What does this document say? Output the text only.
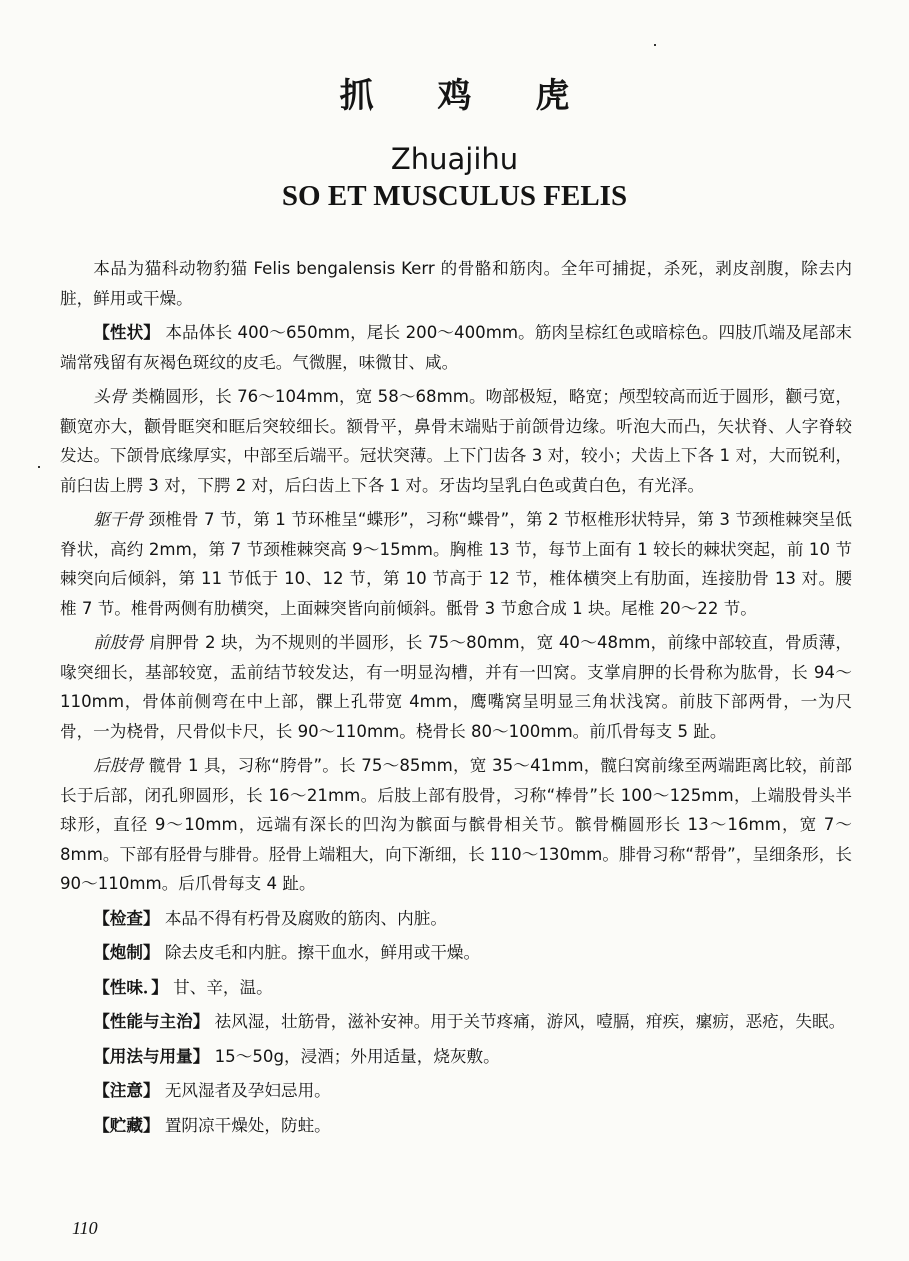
抓 鸡 虎
Zhuajihu
SO ET MUSCULUS FELIS

本品为猫科动物豹猫 Felis bengalensis Kerr 的骨骼和筋肉。全年可捕捉，杀死，剥皮剖腹，除去内脏，鲜用或干燥。

【性状】 本品体长 400～650mm，尾长 200～400mm。筋肉呈棕红色或暗棕色。四肢爪端及尾部末端常残留有灰褐色斑纹的皮毛。气微腥，味微甘、咸。

头骨 类椭圆形，长 76～104mm，宽 58～68mm。吻部极短，略宽；颅型较高而近于圆形，颧弓宽，颧宽亦大，颧骨眶突和眶后突较细长。额骨平，鼻骨末端贴于前颌骨边缘。听泡大而凸，矢状脊、人字脊较发达。下颌骨底缘厚实，中部至后端平。冠状突薄。上下门齿各 3 对，较小；犬齿上下各 1 对，大而锐利，前臼齿上腭 3 对，下腭 2 对，后臼齿上下各 1 对。牙齿均呈乳白色或黄白色，有光泽。

躯干骨 颈椎骨 7 节，第 1 节环椎呈“蝶形”，习称“蝶骨”，第 2 节枢椎形状特异，第 3 节颈椎棘突呈低脊状，高约 2mm，第 7 节颈椎棘突高 9～15mm。胸椎 13 节，每节上面有 1 较长的棘状突起，前 10 节棘突向后倾斜，第 11 节低于 10、12 节，第 10 节高于 12 节，椎体横突上有肋面，连接肋骨 13 对。腰椎 7 节。椎骨两侧有肋横突，上面棘突皆向前倾斜。骶骨 3 节愈合成 1 块。尾椎 20～22 节。

前肢骨 肩胛骨 2 块，为不规则的半圆形，长 75～80mm，宽 40～48mm，前缘中部较直，骨质薄，喙突细长，基部较宽，盂前结节较发达，有一明显沟槽，并有一凹窝。支掌肩胛的长骨称为肱骨，长 94～110mm，骨体前侧弯在中上部，髁上孔带宽 4mm，鹰嘴窝呈明显三角状浅窝。前肢下部两骨，一为尺骨，一为桡骨，尺骨似卡尺，长 90～110mm。桡骨长 80～100mm。前爪骨每支 5 趾。

后肢骨 髋骨 1 具，习称“胯骨”。长 75～85mm，宽 35～41mm，髋臼窝前缘至两端距离比较，前部长于后部，闭孔卵圆形，长 16～21mm。后肢上部有股骨，习称“棒骨”长 100～125mm，上端股骨头半球形，直径 9～10mm，远端有深长的凹沟为髌面与髌骨相关节。髌骨椭圆形长 13～16mm，宽 7～8mm。下部有胫骨与腓骨。胫骨上端粗大，向下渐细，长 110～130mm。腓骨习称“帮骨”，呈细条形，长 90～110mm。后爪骨每支 4 趾。

【检查】 本品不得有朽骨及腐败的筋肉、内脏。

【炮制】 除去皮毛和内脏。擦干血水，鲜用或干燥。

【性味．】 甘、辛，温。

【性能与主治】 祛风湿，壮筋骨，滋补安神。用于关节疼痛，游风，噎膈，疳疾，瘰疬，恶疮，失眠。

【用法与用量】 15～50g，浸酒；外用适量，烧灰敷。

【注意】 无风湿者及孕妇忌用。

【贮藏】 置阴凉干燥处，防蛀。

110
